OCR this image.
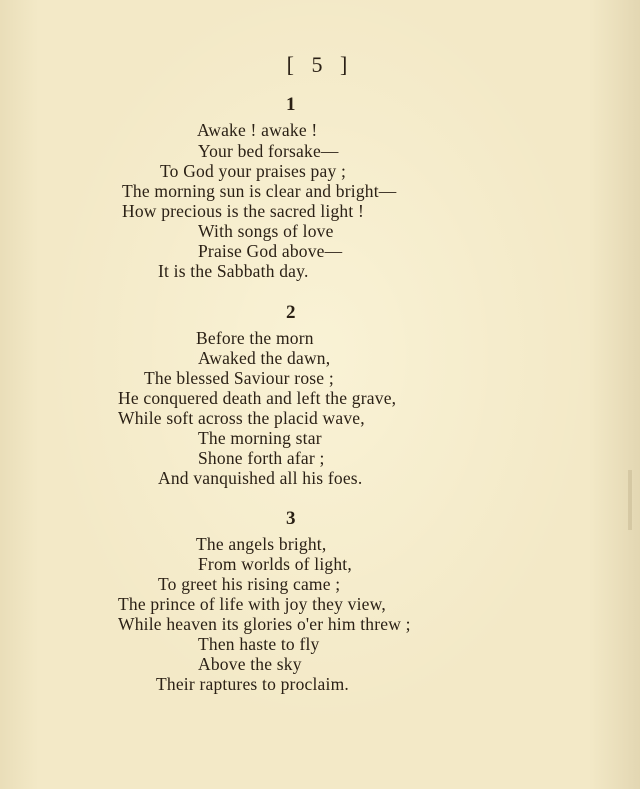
[ 5 ]
1
Awake ! awake !
Your bed forsake—
To God your praises pay ;
The morning sun is clear and bright—
How precious is the sacred light !
With songs of love
Praise God above—
It is the Sabbath day.
2
Before the morn
Awaked the dawn,
The blessed Saviour rose ;
He conquered death and left the grave,
While soft across the placid wave,
The morning star
Shone forth afar ;
And vanquished all his foes.
3
The angels bright,
From worlds of light,
To greet his rising came ;
The prince of life with joy they view,
While heaven its glories o'er him threw ;
Then haste to fly
Above the sky
Their raptures to proclaim.
